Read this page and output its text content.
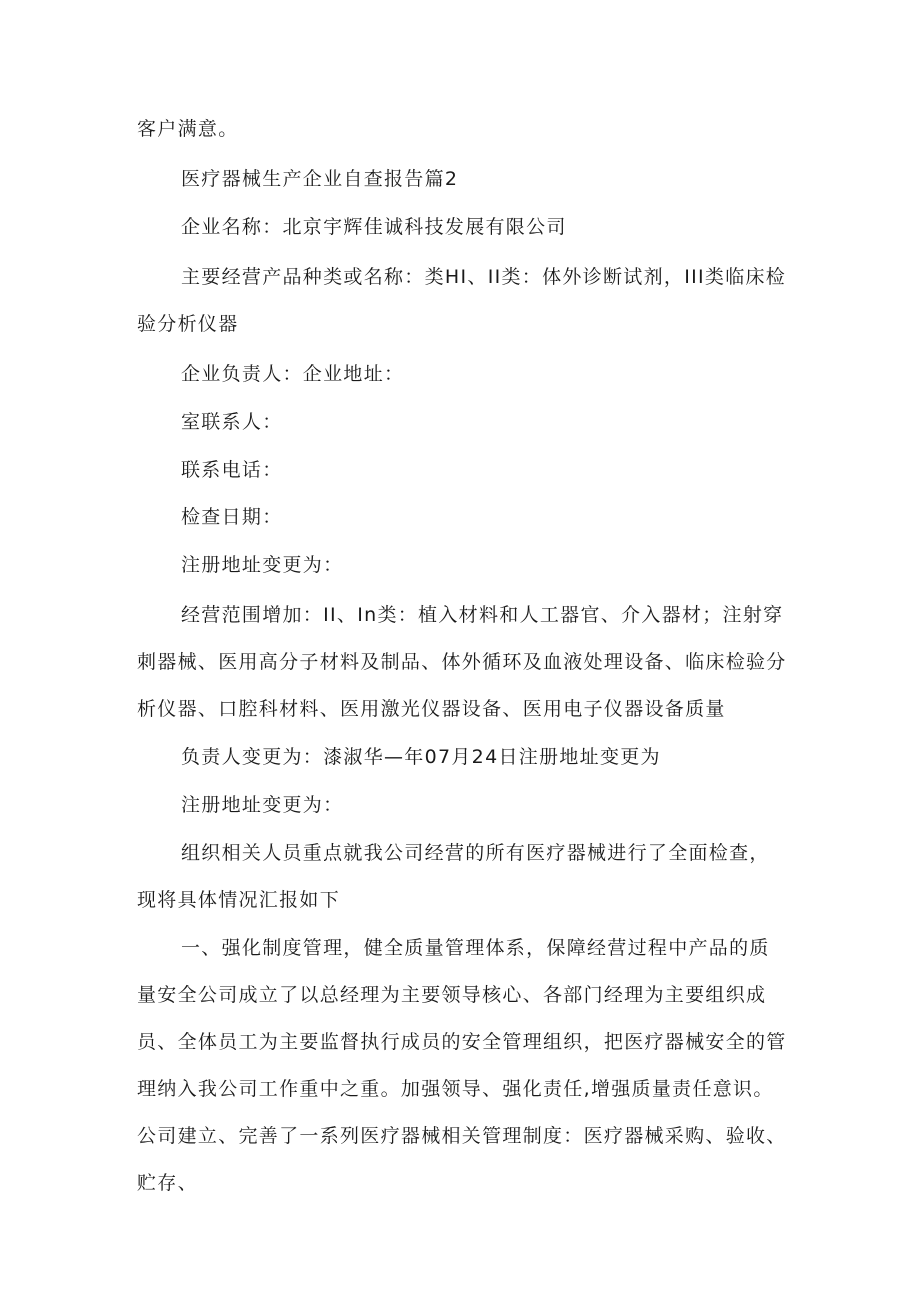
客户满意。

医疗器械生产企业自查报告篇2

企业名称：北京宇辉佳诚科技发展有限公司

主要经营产品种类或名称：类HI、II类：体外诊断试剂，III类临床检验分析仪器

企业负责人：企业地址：

室联系人：

联系电话：

检查日期：

注册地址变更为：

经营范围增加：II、In类：植入材料和人工器官、介入器材；注射穿刺器械、医用高分子材料及制品、体外循环及血液处理设备、临床检验分析仪器、口腔科材料、医用激光仪器设备、医用电子仪器设备质量

负责人变更为：漆淑华—年07月24日注册地址变更为

注册地址变更为：

组织相关人员重点就我公司经营的所有医疗器械进行了全面检查，现将具体情况汇报如下

一、强化制度管理，健全质量管理体系，保障经营过程中产品的质量安全公司成立了以总经理为主要领导核心、各部门经理为主要组织成员、全体员工为主要监督执行成员的安全管理组织，把医疗器械安全的管理纳入我公司工作重中之重。加强领导、强化责任,增强质量责任意识。公司建立、完善了一系列医疗器械相关管理制度：医疗器械采购、验收、贮存、
